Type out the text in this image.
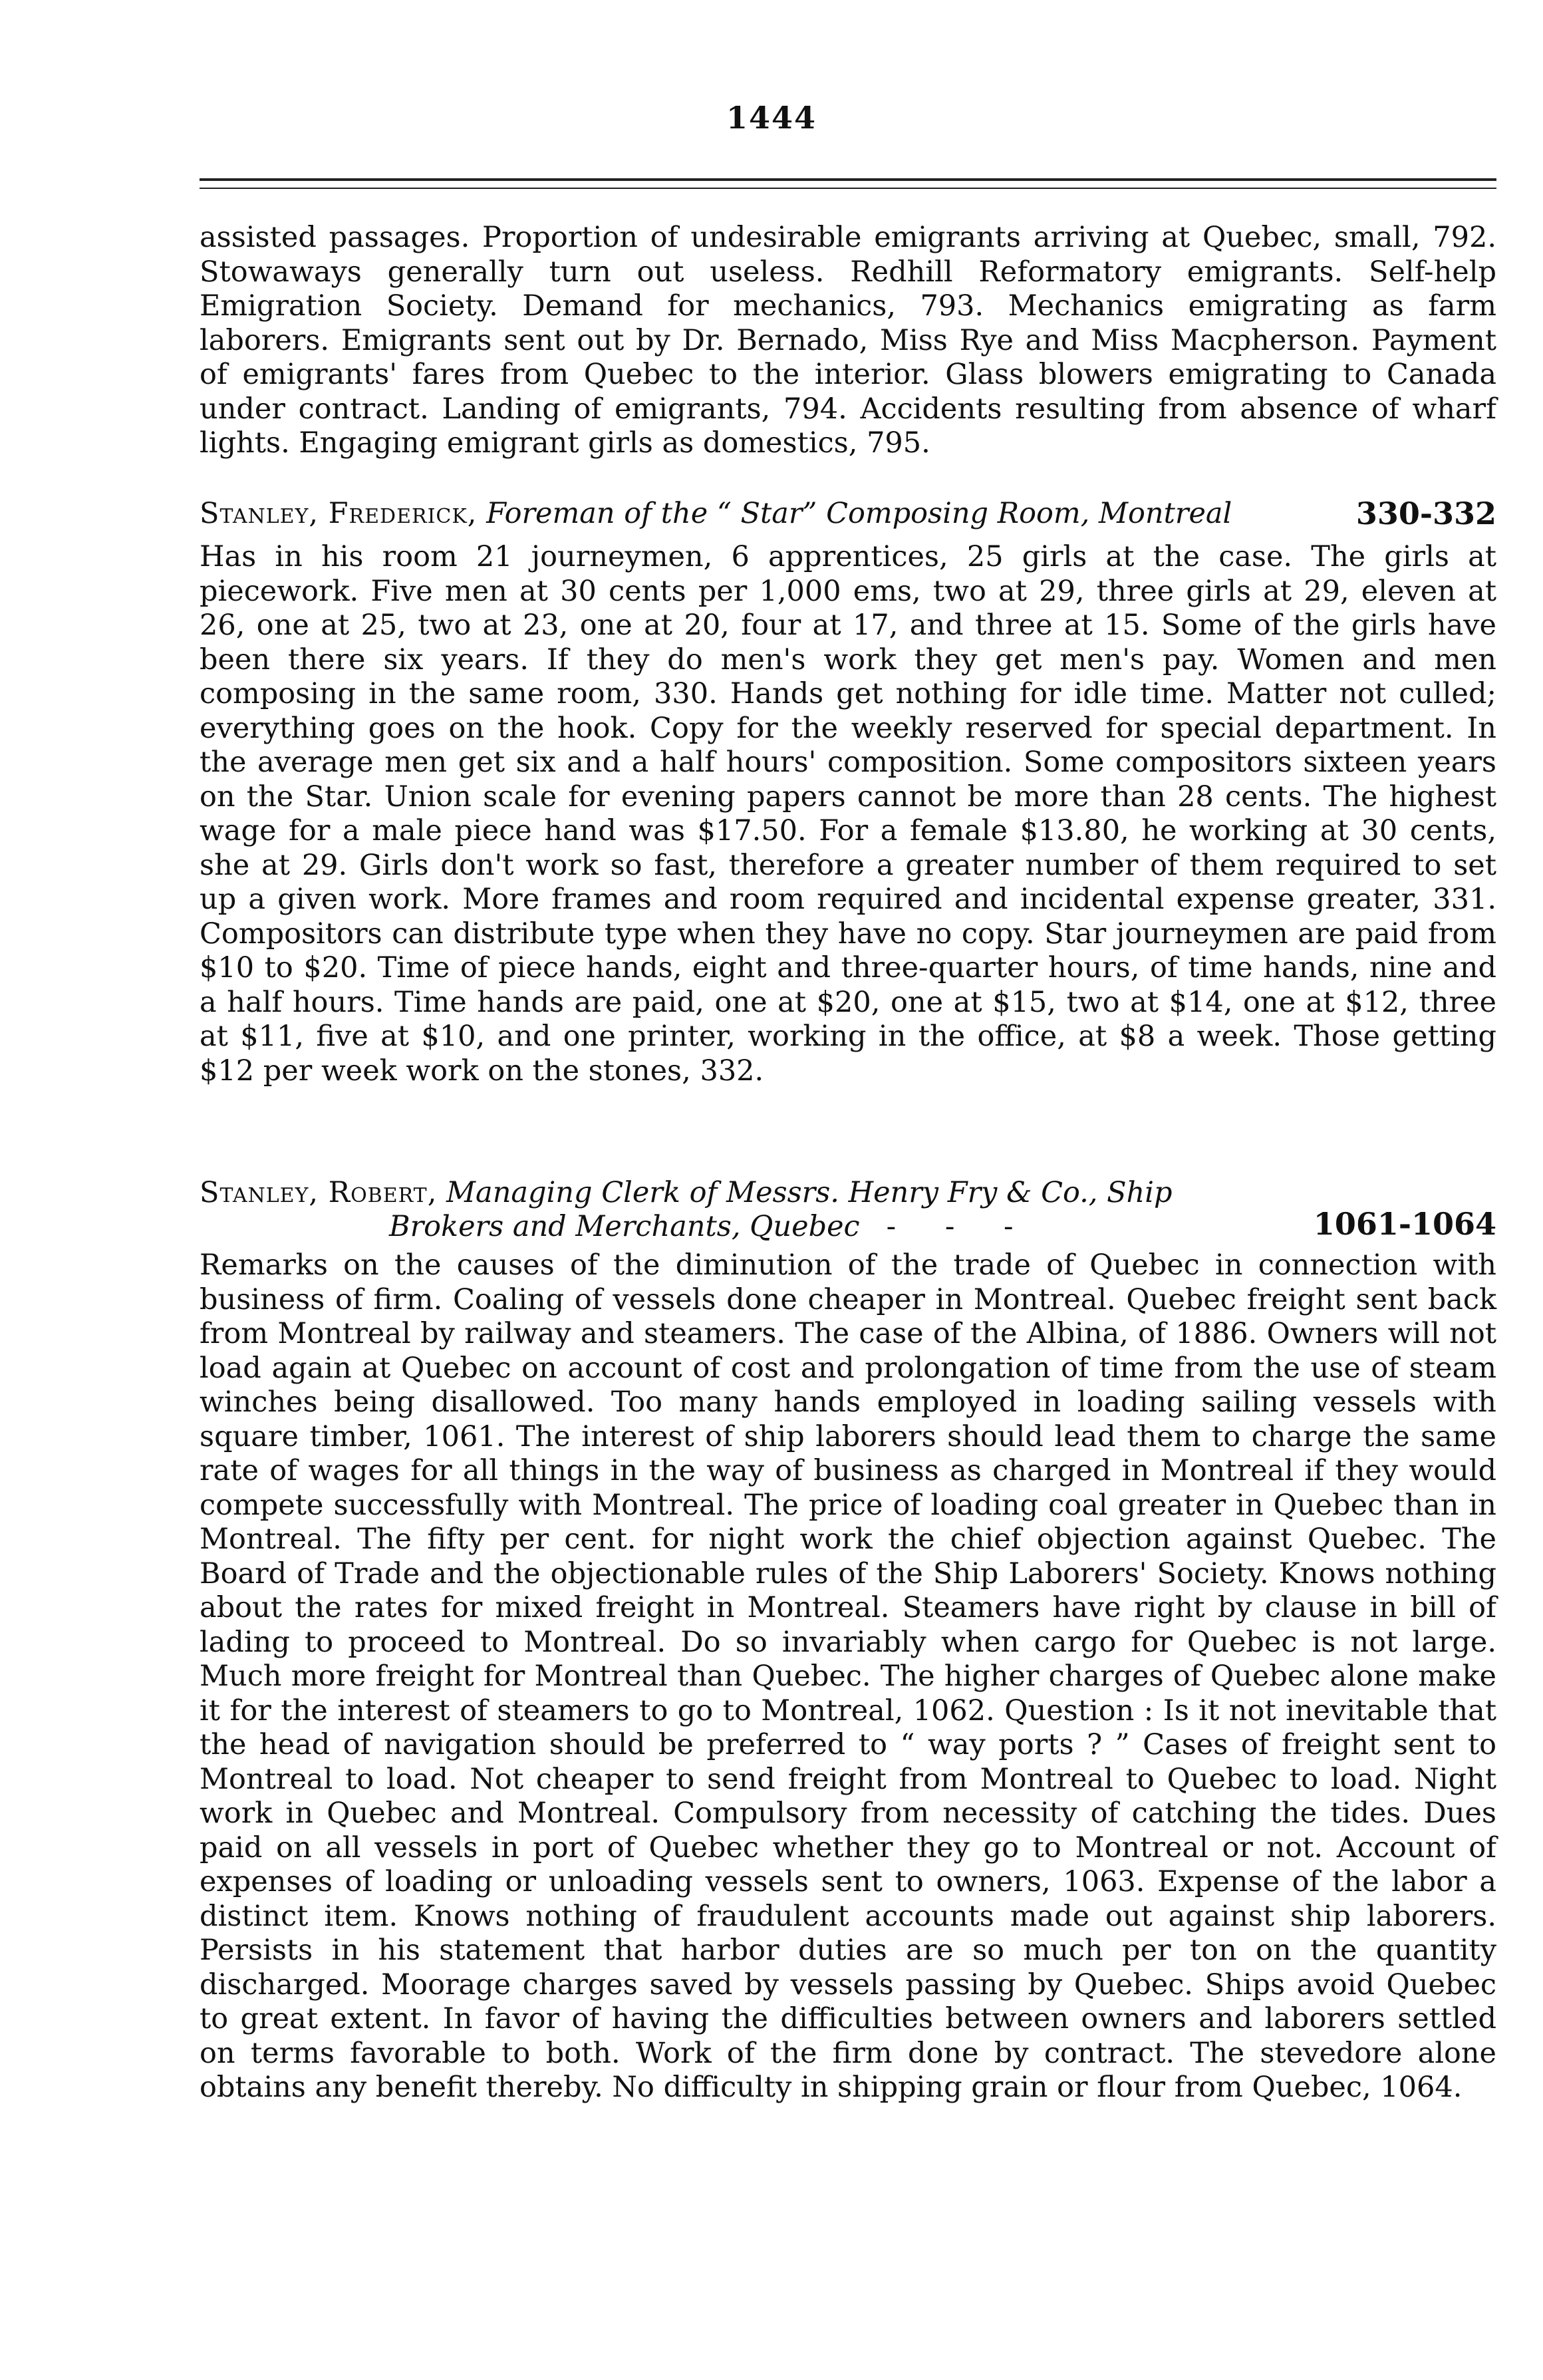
1444
assisted passages. Proportion of undesirable emigrants arriving at Quebec, small, 792. Stowaways generally turn out useless. Redhill Reformatory emigrants. Self-help Emigration Society. Demand for mechanics, 793. Mechanics emigrating as farm laborers. Emigrants sent out by Dr. Bernado, Miss Rye and Miss Macpherson. Payment of emigrants' fares from Quebec to the interior. Glass blowers emigrating to Canada under contract. Landing of emigrants, 794. Accidents resulting from absence of wharf lights. Engaging emigrant girls as domestics, 795.
Stanley, Frederick, Foreman of the “ Star” Composing Room, Montreal	330-332
Has in his room 21 journeymen, 6 apprentices, 25 girls at the case. The girls at piecework. Five men at 30 cents per 1,000 ems, two at 29, three girls at 29, eleven at 26, one at 25, two at 23, one at 20, four at 17, and three at 15. Some of the girls have been there six years. If they do men's work they get men's pay. Women and men composing in the same room, 330. Hands get nothing for idle time. Matter not culled; everything goes on the hook. Copy for the weekly reserved for special department. In the average men get six and a half hours' composition. Some compositors sixteen years on the Star. Union scale for evening papers cannot be more than 28 cents. The highest wage for a male piece hand was $17.50. For a female $13.80, he working at 30 cents, she at 29. Girls don't work so fast, therefore a greater number of them required to set up a given work. More frames and room required and incidental expense greater, 331. Compositors can distribute type when they have no copy. Star journeymen are paid from $10 to $20. Time of piece hands, eight and three-quarter hours, of time hands, nine and a half hours. Time hands are paid, one at $20, one at $15, two at $14, one at $12, three at $11, five at $10, and one printer, working in the office, at $8 a week. Those getting $12 per week work on the stones, 332.
Stanley, Robert, Managing Clerk of Messrs. Henry Fry & Co., Ship
Brokers and Merchants, Quebec - - -	1061-1064
Remarks on the causes of the diminution of the trade of Quebec in connection with business of firm. Coaling of vessels done cheaper in Montreal. Quebec freight sent back from Montreal by railway and steamers. The case of the Albina, of 1886. Owners will not load again at Quebec on account of cost and prolongation of time from the use of steam winches being disallowed. Too many hands employed in loading sailing vessels with square timber, 1061. The interest of ship laborers should lead them to charge the same rate of wages for all things in the way of business as charged in Montreal if they would compete successfully with Montreal. The price of loading coal greater in Quebec than in Montreal. The fifty per cent. for night work the chief objection against Quebec. The Board of Trade and the objectionable rules of the Ship Laborers' Society. Knows nothing about the rates for mixed freight in Montreal. Steamers have right by clause in bill of lading to proceed to Montreal. Do so invariably when cargo for Quebec is not large. Much more freight for Montreal than Quebec. The higher charges of Quebec alone make it for the interest of steamers to go to Montreal, 1062. Question : Is it not inevitable that the head of navigation should be preferred to “ way ports ? ” Cases of freight sent to Montreal to load. Not cheaper to send freight from Montreal to Quebec to load. Night work in Quebec and Montreal. Compulsory from necessity of catching the tides. Dues paid on all vessels in port of Quebec whether they go to Montreal or not. Account of expenses of loading or unloading vessels sent to owners, 1063. Expense of the labor a distinct item. Knows nothing of fraudulent accounts made out against ship laborers. Persists in his statement that harbor duties are so much per ton on the quantity discharged. Moorage charges saved by vessels passing by Quebec. Ships avoid Quebec to great extent. In favor of having the difficulties between owners and laborers settled on terms favorable to both. Work of the firm done by contract. The stevedore alone obtains any benefit thereby. No difficulty in shipping grain or flour from Quebec, 1064.
